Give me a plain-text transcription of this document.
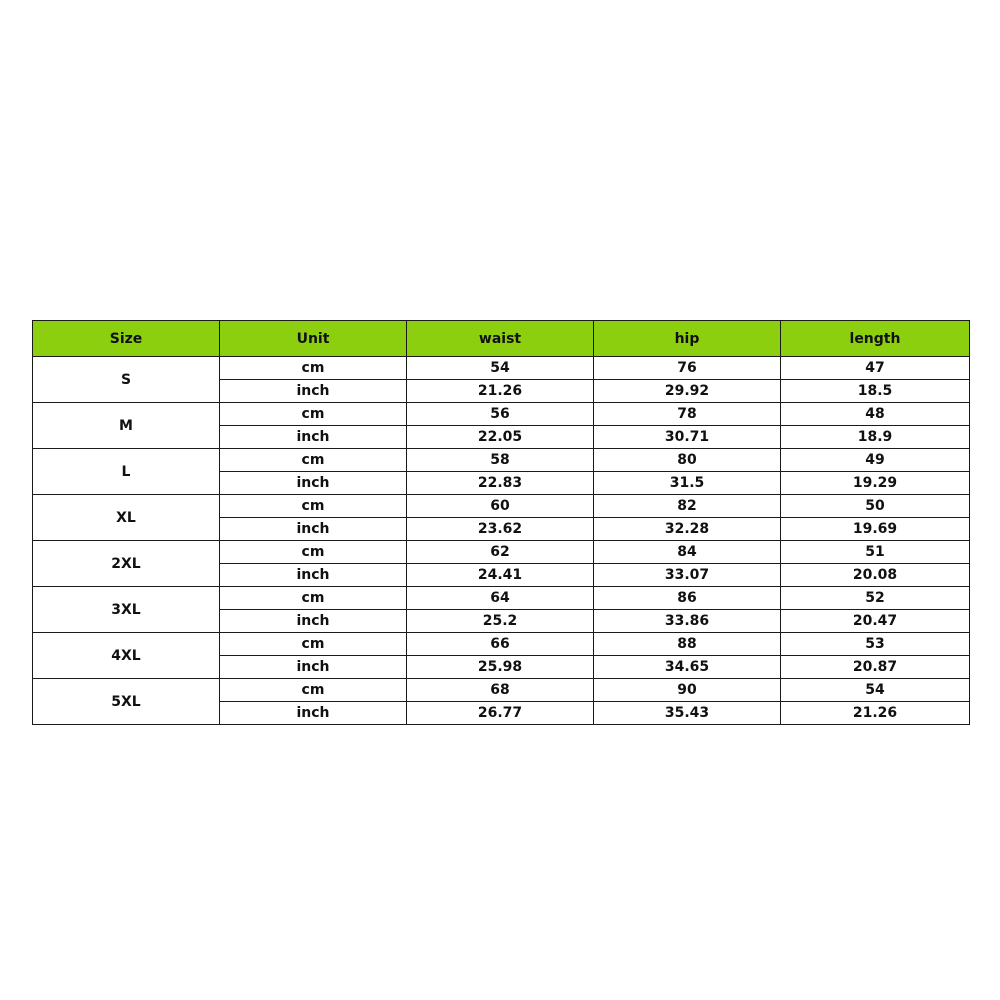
Size	Unit	waist	hip	length
S	cm	54	76	47
	inch	21.26	29.92	18.5
M	cm	56	78	48
	inch	22.05	30.71	18.9
L	cm	58	80	49
	inch	22.83	31.5	19.29
XL	cm	60	82	50
	inch	23.62	32.28	19.69
2XL	cm	62	84	51
	inch	24.41	33.07	20.08
3XL	cm	64	86	52
	inch	25.2	33.86	20.47
4XL	cm	66	88	53
	inch	25.98	34.65	20.87
5XL	cm	68	90	54
	inch	26.77	35.43	21.26
